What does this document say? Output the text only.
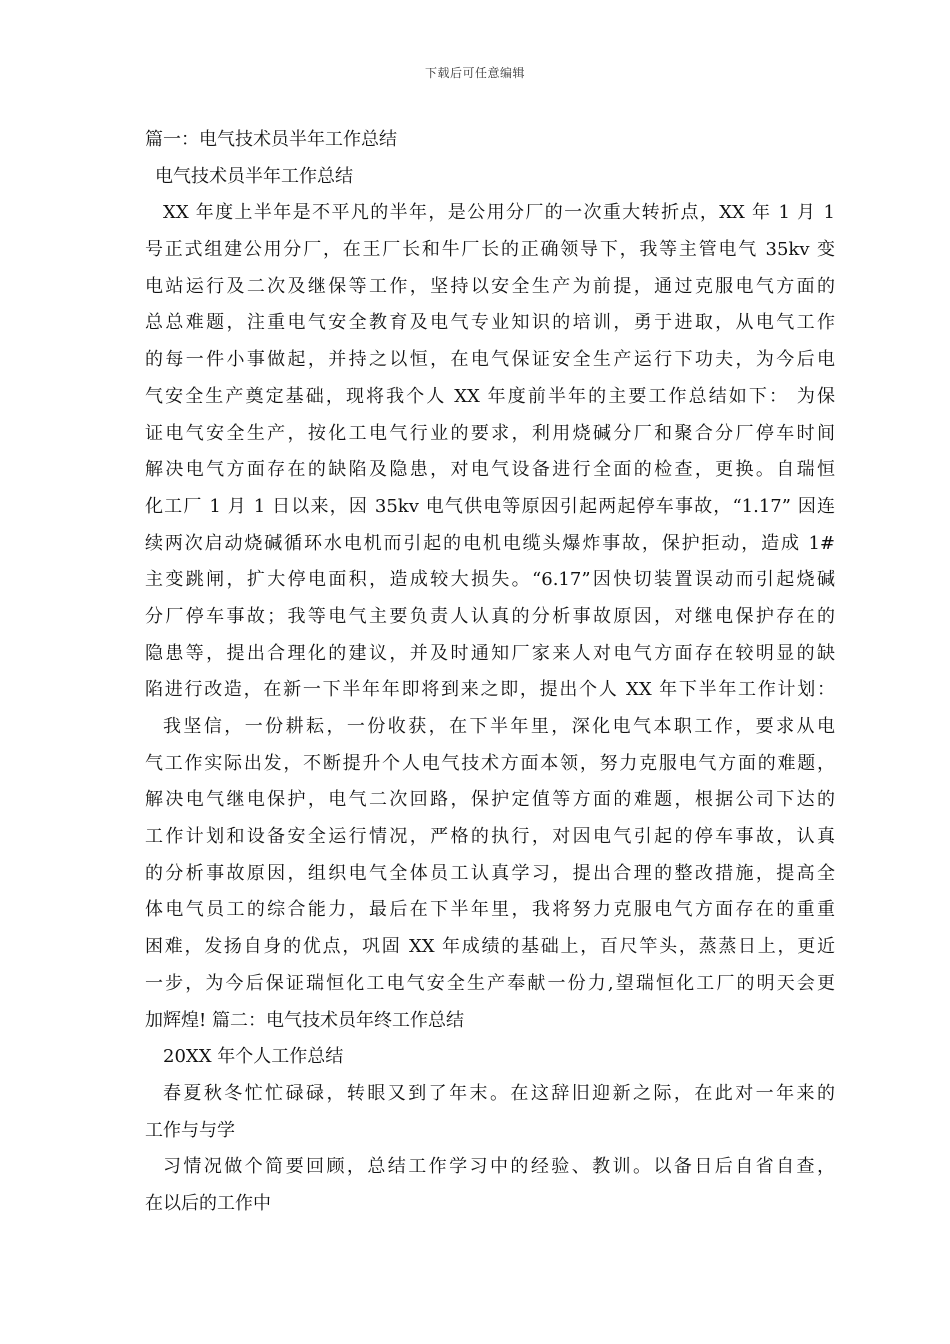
下载后可任意编辑
篇一：电气技术员半年工作总结
电气技术员半年工作总结
XX 年度上半年是不平凡的半年，是公用分厂的一次重大转折点，XX 年 1 月 1
号正式组建公用分厂，在王厂长和牛厂长的正确领导下，我等主管电气 35kv 变
电站运行及二次及继保等工作，坚持以安全生产为前提，通过克服电气方面的
总总难题，注重电气安全教育及电气专业知识的培训，勇于进取，从电气工作
的每一件小事做起，并持之以恒，在电气保证安全生产运行下功夫，为今后电
气安全生产奠定基础，现将我个人 XX 年度前半年的主要工作总结如下： 为保
证电气安全生产，按化工电气行业的要求，利用烧碱分厂和聚合分厂停车时间
解决电气方面存在的缺陷及隐患，对电气设备进行全面的检查，更换。自瑞恒
化工厂 1 月 1 日以来，因 35kv 电气供电等原因引起两起停车事故，“1.17” 因连
续两次启动烧碱循环水电机而引起的电机电缆头爆炸事故，保护拒动，造成 1#
主变跳闸，扩大停电面积，造成较大损失。“6.17”因快切装置误动而引起烧碱
分厂停车事故；我等电气主要负责人认真的分析事故原因，对继电保护存在的
隐患等，提出合理化的建议，并及时通知厂家来人对电气方面存在较明显的缺
陷进行改造，在新一下半年年即将到来之即，提出个人 XX 年下半年工作计划：
我坚信，一份耕耘，一份收获，在下半年里，深化电气本职工作，要求从电
气工作实际出发，不断提升个人电气技术方面本领，努力克服电气方面的难题，
解决电气继电保护，电气二次回路，保护定值等方面的难题，根据公司下达的
工作计划和设备安全运行情况，严格的执行，对因电气引起的停车事故，认真
的分析事故原因，组织电气全体员工认真学习，提出合理的整改措施，提高全
体电气员工的综合能力，最后在下半年里，我将努力克服电气方面存在的重重
困难，发扬自身的优点，巩固 XX 年成绩的基础上，百尺竿头，蒸蒸日上，更近
一步，为今后保证瑞恒化工电气安全生产奉献一份力,望瑞恒化工厂的明天会更
加辉煌! 篇二：电气技术员年终工作总结
20XX 年个人工作总结
春夏秋冬忙忙碌碌，转眼又到了年末。在这辞旧迎新之际，在此对一年来的
工作与与学
习情况做个简要回顾，总结工作学习中的经验、教训。以备日后自省自查，
在以后的工作中
